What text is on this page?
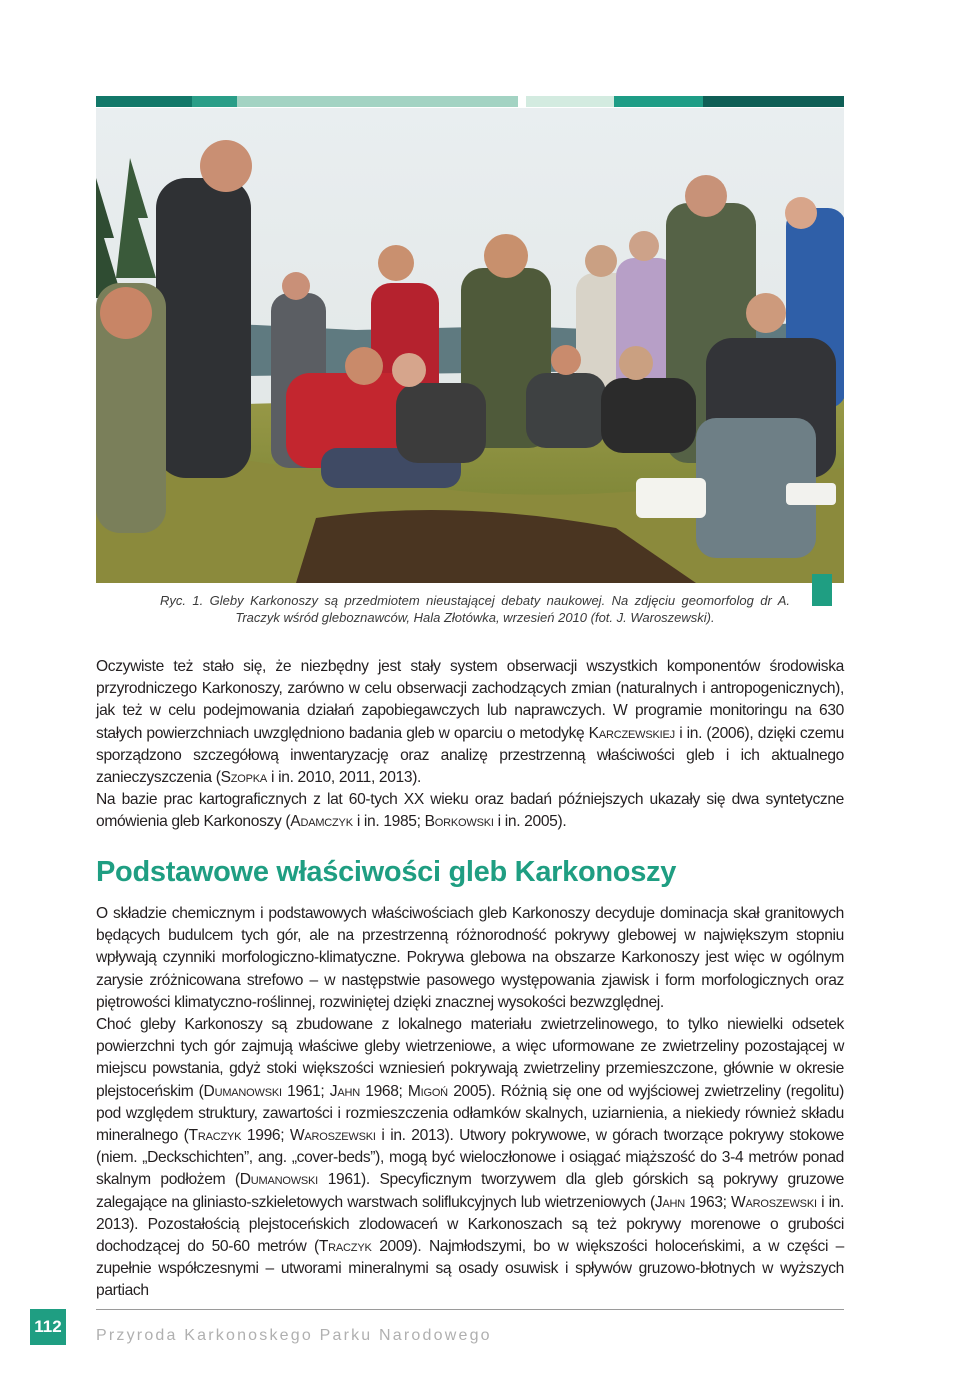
Ryc. 1. Gleby Karkonoszy są przedmiotem nieustającej debaty naukowej. Na zdjęciu geomorfolog dr A. Traczyk wśród gleboznawców, Hala Złotówka, wrzesień 2010 (fot. J. Waroszewski).

Oczywiste też stało się, że niezbędny jest stały system obserwacji wszystkich komponentów środowiska przyrodniczego Karkonoszy, zarówno w celu obserwacji zachodzących zmian (naturalnych i antropogenicznych), jak też w celu podejmowania działań zapobiegawczych lub naprawczych. W programie monitoringu na 630 stałych powierzchniach uwzględniono badania gleb w oparciu o metodykę Karczewskiej i in. (2006), dzięki czemu sporządzono szczegółową inwentaryzację oraz analizę przestrzenną właściwości gleb i ich aktualnego zanieczyszczenia (Szopka i in. 2010, 2011, 2013).

Na bazie prac kartograficznych z lat 60-tych XX wieku oraz badań późniejszych ukazały się dwa syntetyczne omówienia gleb Karkonoszy (Adamczyk i in. 1985; Borkowski i in. 2005).

Podstawowe właściwości gleb Karkonoszy

O składzie chemicznym i podstawowych właściwościach gleb Karkonoszy decyduje dominacja skał granitowych będących budulcem tych gór, ale na przestrzenną różnorodność pokrywy glebowej w największym stopniu wpływają czynniki morfologiczno-klimatyczne. Pokrywa glebowa na obszarze Karkonoszy jest więc w ogólnym zarysie zróżnicowana strefowo – w następstwie pasowego występowania zjawisk i form morfologicznych oraz piętrowości klimatyczno-roślinnej, rozwiniętej dzięki znacznej wysokości bezwzględnej.

Choć gleby Karkonoszy są zbudowane z lokalnego materiału zwietrzelinowego, to tylko niewielki odsetek powierzchni tych gór zajmują właściwe gleby wietrzeniowe, a więc uformowane ze zwietrzeliny pozostającej w miejscu powstania, gdyż stoki większości wzniesień pokrywają zwietrzeliny przemieszczone, głównie w okresie plejstoceńskim (Dumanowski 1961; Jahn 1968; Migoń 2005). Różnią się one od wyjściowej zwietrzeliny (regolitu) pod względem struktury, zawartości i rozmieszczenia odłamków skalnych, uziarnienia, a niekiedy również składu mineralnego (Traczyk 1996; Waroszewski i in. 2013). Utwory pokrywowe, w górach tworzące pokrywy stokowe (niem. „Deckschichten”, ang. „cover-beds”), mogą być wieloczłonowe i osiągać miąższość do 3-4 metrów ponad skalnym podłożem (Dumanowski 1961). Specyficznym tworzywem dla gleb górskich są pokrywy gruzowe zalegające na gliniasto-szkieletowych warstwach soliflukcyjnych lub wietrzeniowych (Jahn 1963; Waroszewski i in. 2013). Pozostałością plejstoceńskich zlodowaceń w Karkonoszach są też pokrywy morenowe o grubości dochodzącej do 50-60 metrów (Traczyk 2009). Najmłodszymi, bo w większości holoceńskimi, a w części – zupełnie współczesnymi – utworami mineralnymi są osady osuwisk i spływów gruzowo-błotnych w wyższych partiach

112 Przyroda Karkonoskego Parku Narodowego
